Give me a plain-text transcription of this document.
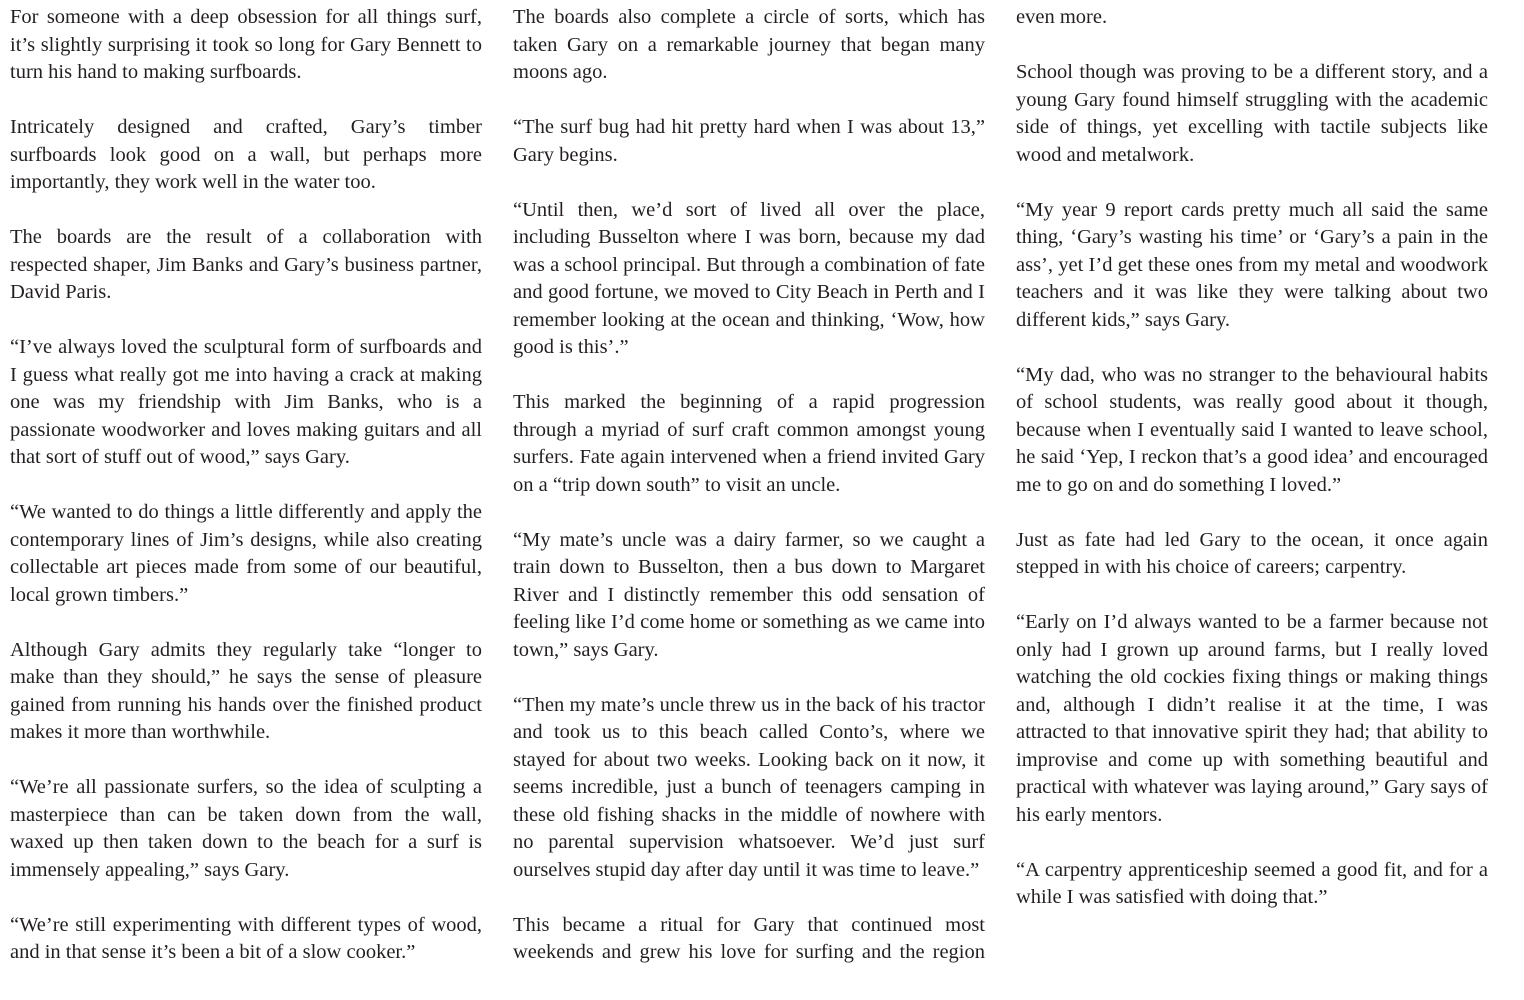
For someone with a deep obsession for all things surf, it’s slightly surprising it took so long for Gary Bennett to turn his hand to making surfboards.

Intricately designed and crafted, Gary’s timber surfboards look good on a wall, but perhaps more importantly, they work well in the water too.

The boards are the result of a collaboration with respected shaper, Jim Banks and Gary’s business partner, David Paris.

“I’ve always loved the sculptural form of surfboards and I guess what really got me into having a crack at making one was my friendship with Jim Banks, who is a passionate woodworker and loves making guitars and all that sort of stuff out of wood,” says Gary.

“We wanted to do things a little differently and apply the contemporary lines of Jim’s designs, while also creating collectable art pieces made from some of our beautiful, local grown timbers.”

Although Gary admits they regularly take “longer to make than they should,” he says the sense of pleasure gained from running his hands over the finished product makes it more than worthwhile.

“We’re all passionate surfers, so the idea of sculpting a masterpiece than can be taken down from the wall, waxed up then taken down to the beach for a surf is immensely appealing,” says Gary.

“We’re still experimenting with different types of wood, and in that sense it’s been a bit of a slow cooker.”

The boards also complete a circle of sorts, which has taken Gary on a remarkable journey that began many moons ago.

“The surf bug had hit pretty hard when I was about 13,” Gary begins.

“Until then, we’d sort of lived all over the place, including Busselton where I was born, because my dad was a school principal. But through a combination of fate and good fortune, we moved to City Beach in Perth and I remember looking at the ocean and thinking, ‘Wow, how good is this’.”

This marked the beginning of a rapid progression through a myriad of surf craft common amongst young surfers. Fate again intervened when a friend invited Gary on a “trip down south” to visit an uncle.

“My mate’s uncle was a dairy farmer, so we caught a train down to Busselton, then a bus down to Margaret River and I distinctly remember this odd sensation of feeling like I’d come home or something as we came into town,” says Gary.

“Then my mate’s uncle threw us in the back of his tractor and took us to this beach called Conto’s, where we stayed for about two weeks. Looking back on it now, it seems incredible, just a bunch of teenagers camping in these old fishing shacks in the middle of nowhere with no parental supervision whatsoever. We’d just surf ourselves stupid day after day until it was time to leave.”

This became a ritual for Gary that continued most weekends and grew his love for surfing and the region

even more.

School though was proving to be a different story, and a young Gary found himself struggling with the academic side of things, yet excelling with tactile subjects like wood and metalwork.

“My year 9 report cards pretty much all said the same thing, ‘Gary’s wasting his time’ or ‘Gary’s a pain in the ass’, yet I’d get these ones from my metal and woodwork teachers and it was like they were talking about two different kids,” says Gary.

“My dad, who was no stranger to the behavioural habits of school students, was really good about it though, because when I eventually said I wanted to leave school, he said ‘Yep, I reckon that’s a good idea’ and encouraged me to go on and do something I loved.”

Just as fate had led Gary to the ocean, it once again stepped in with his choice of careers; carpentry.

“Early on I’d always wanted to be a farmer because not only had I grown up around farms, but I really loved watching the old cockies fixing things or making things and, although I didn’t realise it at the time, I was attracted to that innovative spirit they had; that ability to improvise and come up with something beautiful and practical with whatever was laying around,” Gary says of his early mentors.

“A carpentry apprenticeship seemed a good fit, and for a while I was satisfied with doing that.”
